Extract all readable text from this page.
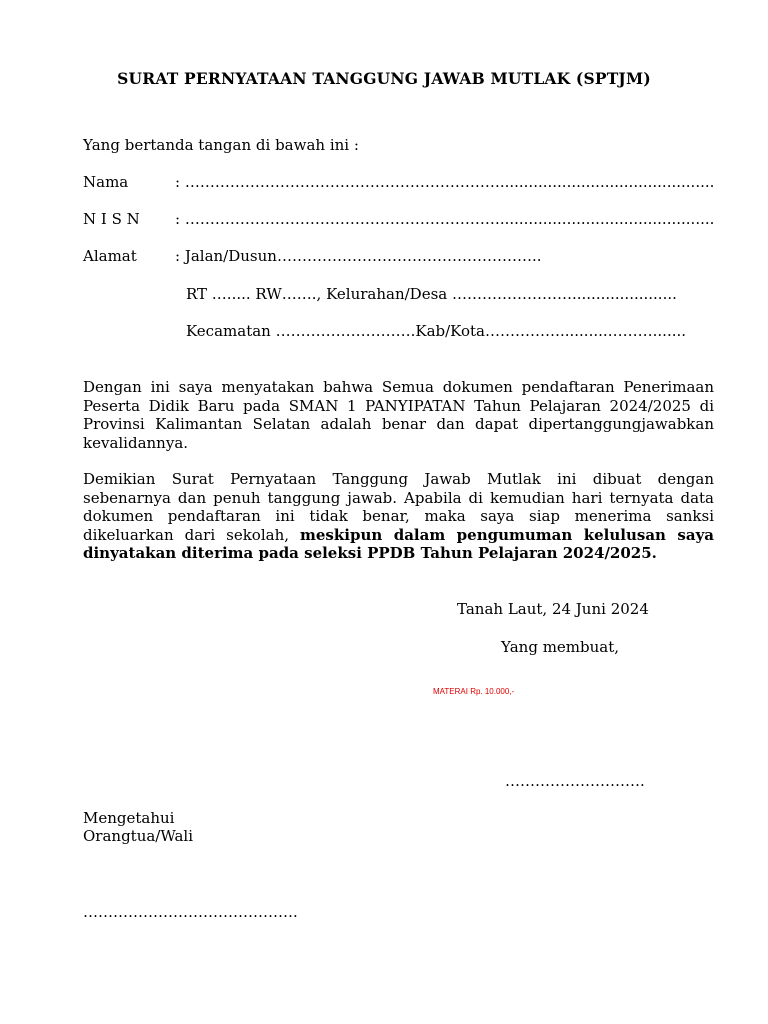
SURAT PERNYATAAN TANGGUNG JAWAB MUTLAK (SPTJM)
Yang bertanda tangan di bawah ini :
Nama	: ……………………………………………………….............................................
N I S N : ……………………………………………………….............................................
Alamat	: Jalan/Dusun……………………………………………..
RT …..... RW……., Kelurahan/Desa ……………………......................
Kecamatan ……………………….Kab/Kota……………..........……….......
Dengan ini saya menyatakan bahwa Semua dokumen pendaftaran Penerimaan Peserta Didik Baru pada SMAN 1 PANYIPATAN Tahun Pelajaran 2024/2025 di Provinsi Kalimantan Selatan adalah benar dan dapat dipertanggungjawabkan kevalidannya.
Demikian Surat Pernyataan Tanggung Jawab Mutlak ini dibuat dengan sebenarnya dan penuh tanggung jawab. Apabila di kemudian hari ternyata data dokumen pendaftaran ini tidak benar, maka saya siap menerima sanksi dikeluarkan dari sekolah, meskipun dalam pengumuman kelulusan saya dinyatakan diterima pada seleksi PPDB Tahun Pelajaran 2024/2025.
Tanah Laut, 24 Juni 2024
Yang membuat,
MATERAI Rp. 10.000,-
……………………….
Mengetahui
Orangtua/Wali
…………………………………….
